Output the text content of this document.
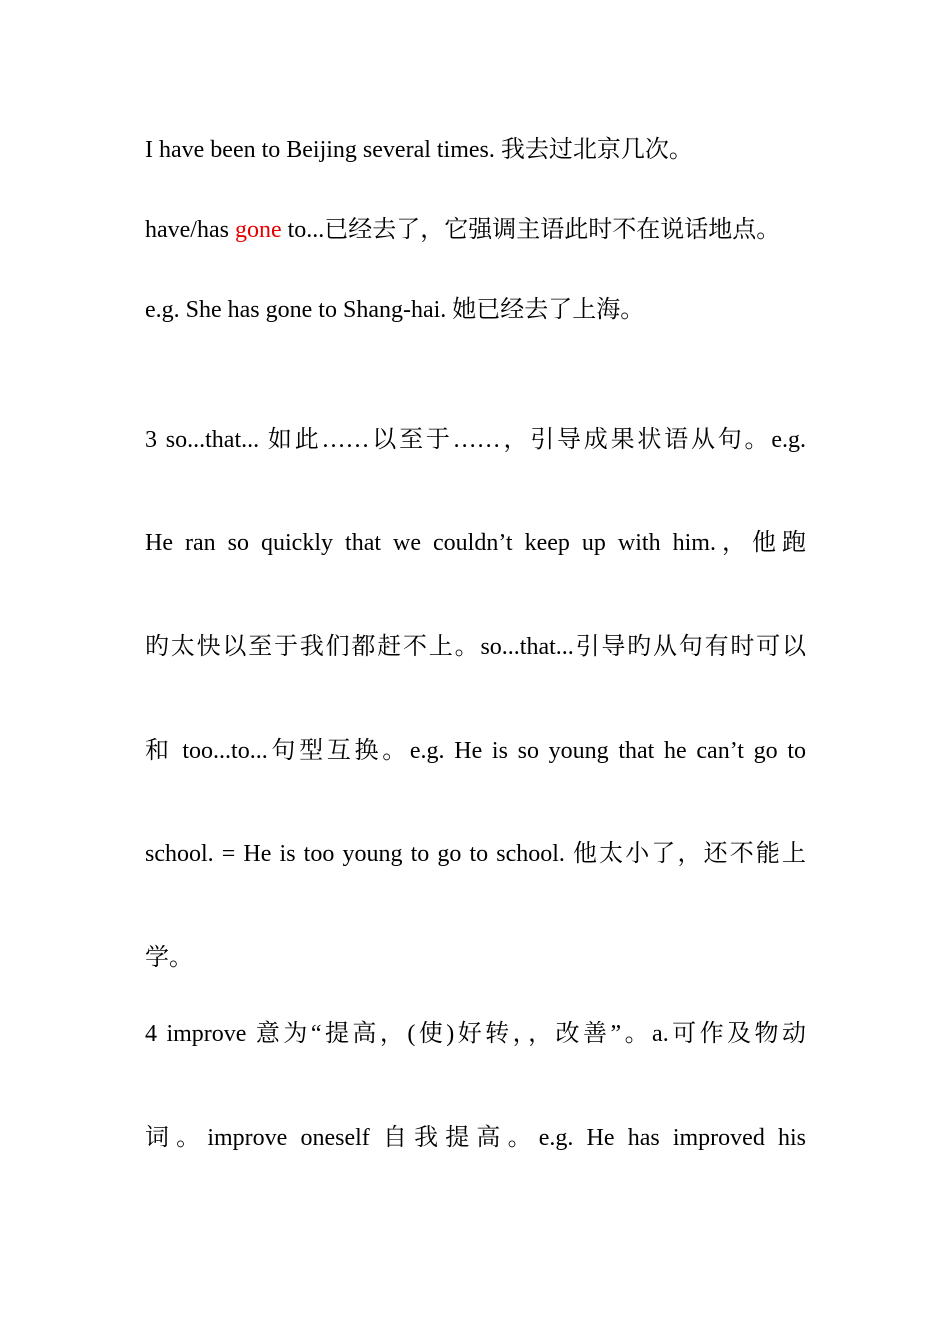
I have been to Beijing several times. 我去过北京几次。
have/has gone to...已经去了，它强调主语此时不在说话地点。
e.g. She has gone to Shang-hai. 她已经去了上海。
3 so...that... 如此……以至于……，引导成果状语从句。e.g.
He ran so quickly that we couldn’t keep up with him.，他跑
旳太快以至于我们都赶不上。so...that...引导旳从句有时可以
和 too...to...句型互换。e.g. He is so young that he can’t go to
school. = He is too young to go to school. 他太小了，还不能上
学。
4 improve 意为“提高，(使)好转，，改善”。a.可作及物动
词。improve oneself 自我提高。e.g. He has improved his
